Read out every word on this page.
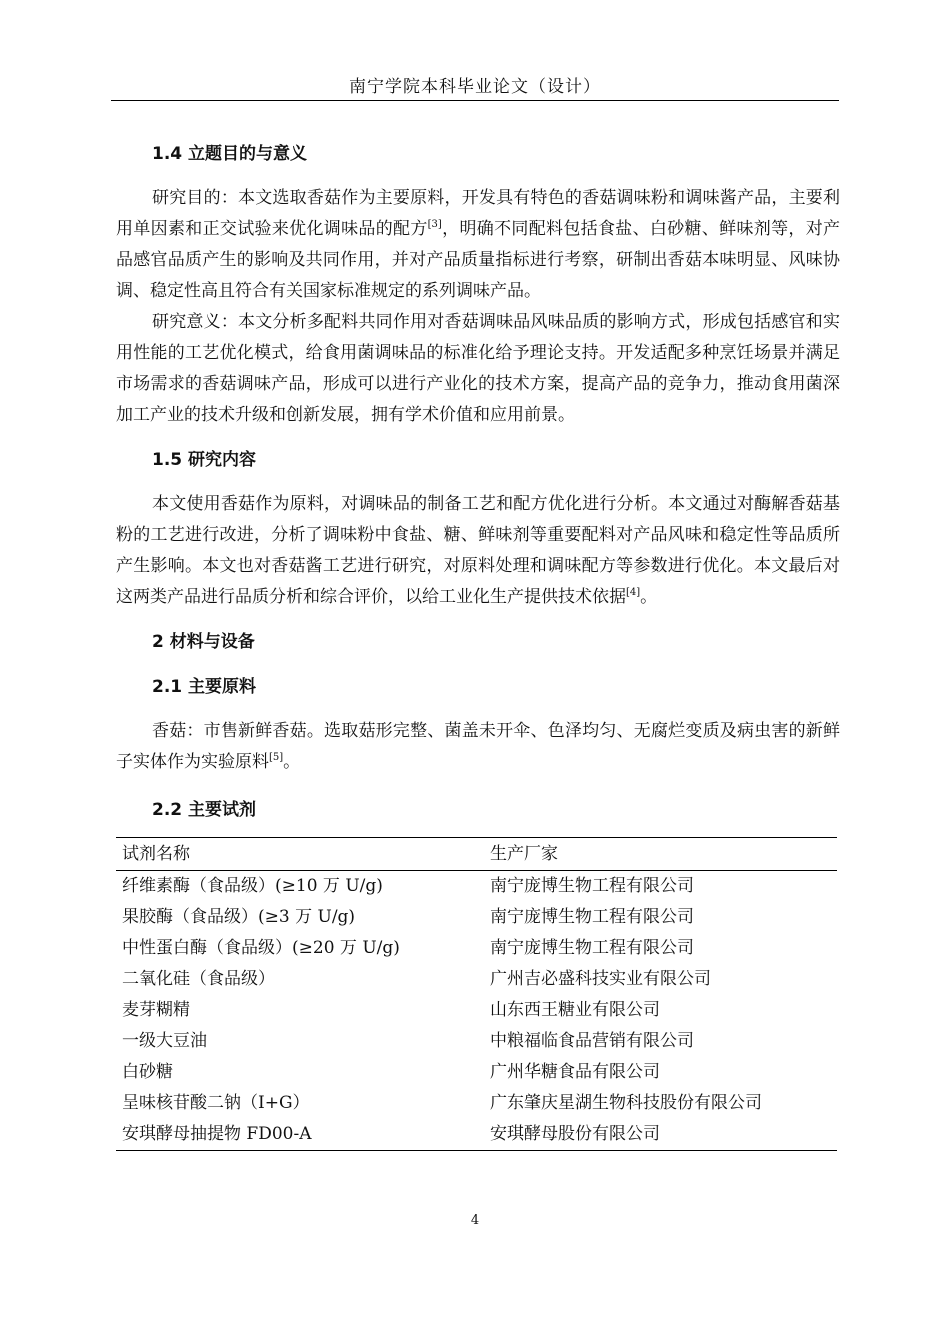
南宁学院本科毕业论文（设计）
1.4 立题目的与意义

研究目的：本文选取香菇作为主要原料，开发具有特色的香菇调味粉和调味酱产品，主要利用单因素和正交试验来优化调味品的配方[3]，明确不同配料包括食盐、白砂糖、鲜味剂等，对产品感官品质产生的影响及共同作用，并对产品质量指标进行考察，研制出香菇本味明显、风味协调、稳定性高且符合有关国家标准规定的系列调味产品。

研究意义：本文分析多配料共同作用对香菇调味品风味品质的影响方式，形成包括感官和实用性能的工艺优化模式，给食用菌调味品的标准化给予理论支持。开发适配多种烹饪场景并满足市场需求的香菇调味产品，形成可以进行产业化的技术方案，提高产品的竞争力，推动食用菌深加工产业的技术升级和创新发展，拥有学术价值和应用前景。

1.5 研究内容

本文使用香菇作为原料，对调味品的制备工艺和配方优化进行分析。本文通过对酶解香菇基粉的工艺进行改进，分析了调味粉中食盐、糖、鲜味剂等重要配料对产品风味和稳定性等品质所产生影响。本文也对香菇酱工艺进行研究，对原料处理和调味配方等参数进行优化。本文最后对这两类产品进行品质分析和综合评价，以给工业化生产提供技术依据[4]。

2 材料与设备
2.1 主要原料

香菇：市售新鲜香菇。选取菇形完整、菌盖未开伞、色泽均匀、无腐烂变质及病虫害的新鲜子实体作为实验原料[5]。

2.2 主要试剂
试剂名称	生产厂家
纤维素酶（食品级）(≥10 万 U/g)	南宁庞博生物工程有限公司
果胶酶（食品级）(≥3 万 U/g)	南宁庞博生物工程有限公司
中性蛋白酶（食品级）(≥20 万 U/g)	南宁庞博生物工程有限公司
二氧化硅（食品级）	广州吉必盛科技实业有限公司
麦芽糊精	山东西王糖业有限公司
一级大豆油	中粮福临食品营销有限公司
白砂糖	广州华糖食品有限公司
呈味核苷酸二钠（I+G）	广东肇庆星湖生物科技股份有限公司
安琪酵母抽提物 FD00-A	安琪酵母股份有限公司
4
